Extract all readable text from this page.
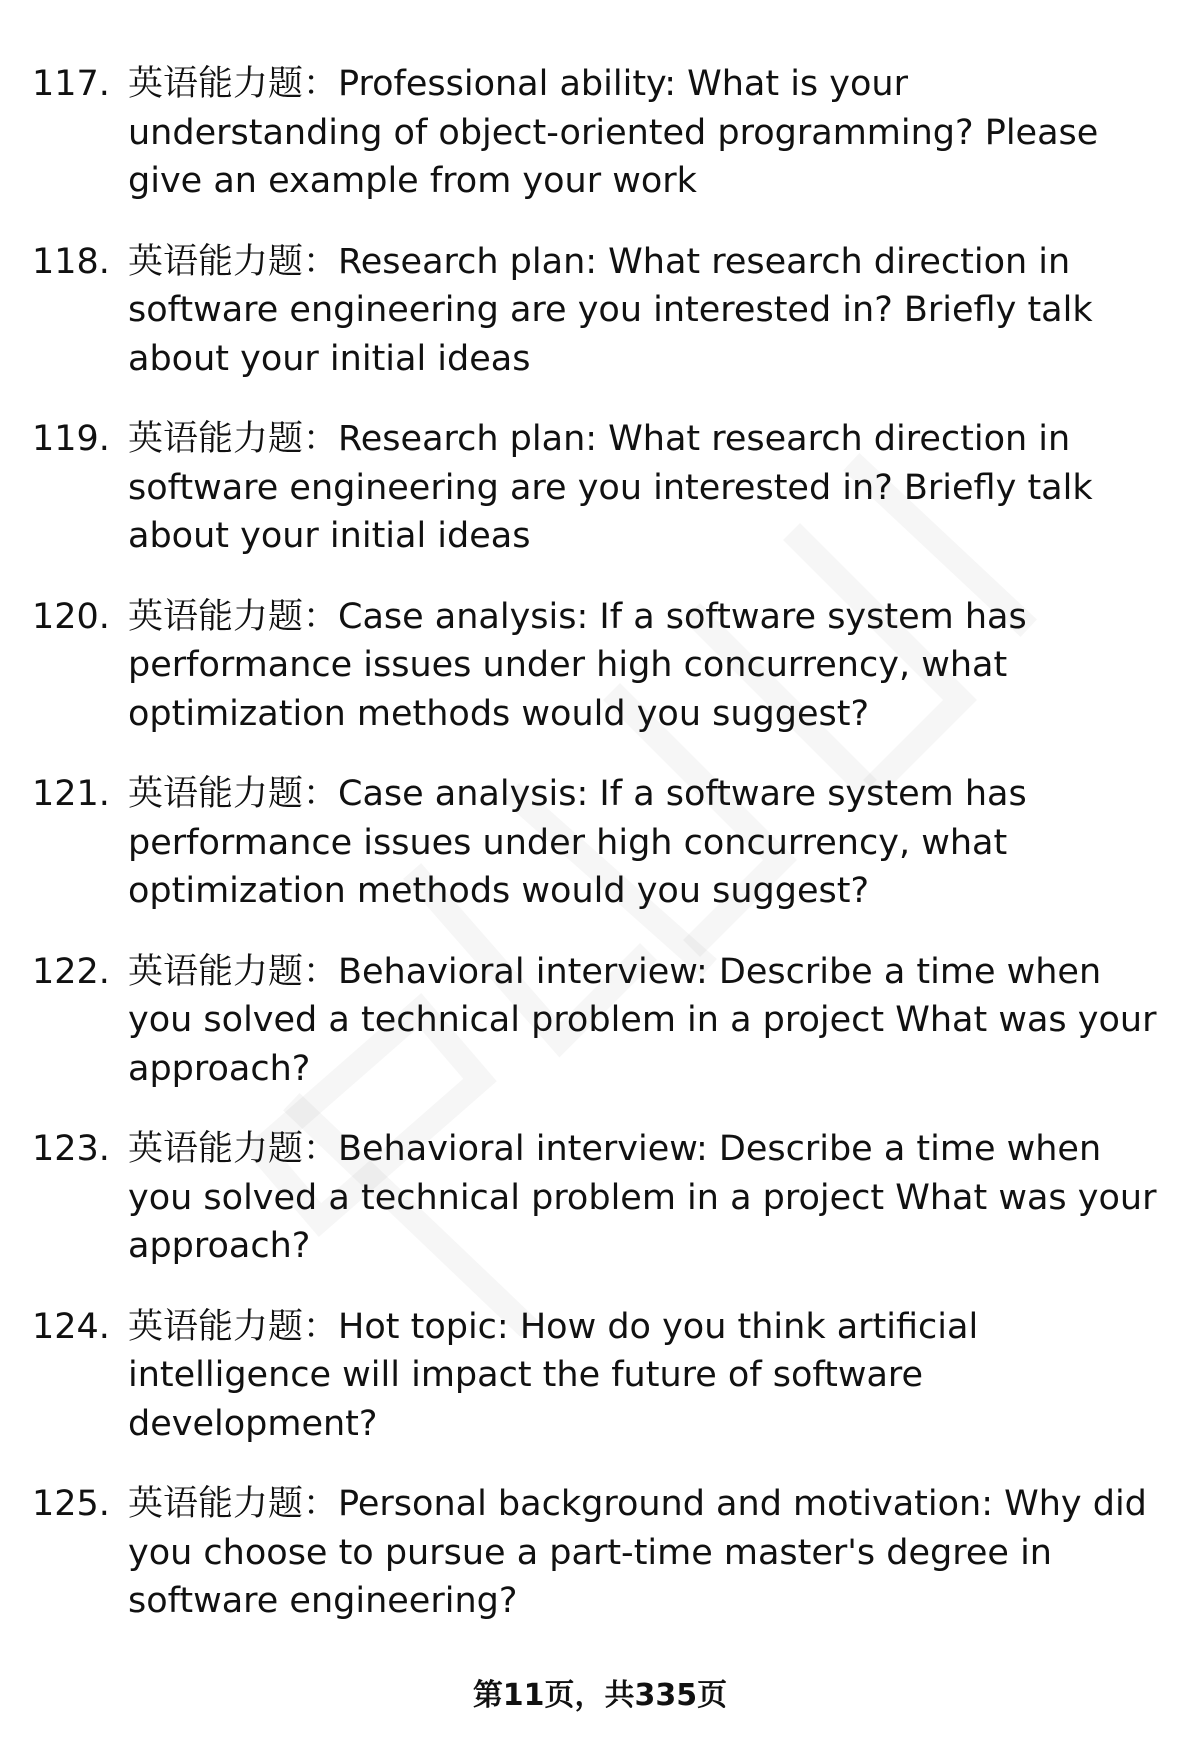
117. 英语能力题：Professional ability: What is your understanding of object-oriented programming? Please give an example from your work
118. 英语能力题：Research plan: What research direction in software engineering are you interested in? Briefly talk about your initial ideas
119. 英语能力题：Research plan: What research direction in software engineering are you interested in? Briefly talk about your initial ideas
120. 英语能力题：Case analysis: If a software system has performance issues under high concurrency, what optimization methods would you suggest?
121. 英语能力题：Case analysis: If a software system has performance issues under high concurrency, what optimization methods would you suggest?
122. 英语能力题：Behavioral interview: Describe a time when you solved a technical problem in a project What was your approach?
123. 英语能力题：Behavioral interview: Describe a time when you solved a technical problem in a project What was your approach?
124. 英语能力题：Hot topic: How do you think artificial intelligence will impact the future of software development?
125. 英语能力题：Personal background and motivation: Why did you choose to pursue a part-time master's degree in software engineering?
第11页，共335页
